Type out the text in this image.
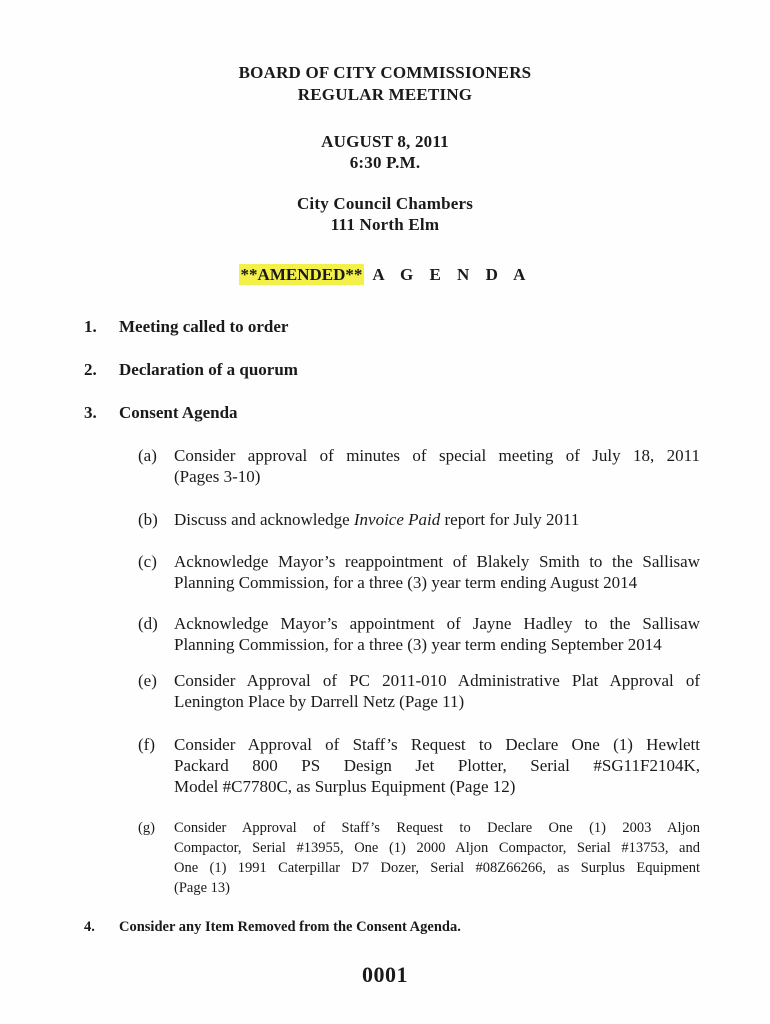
BOARD OF CITY COMMISSIONERS
REGULAR MEETING
AUGUST 8, 2011
6:30 P.M.
City Council Chambers
111 North Elm
**AMENDED** A G E N D A
1. Meeting called to order
2. Declaration of a quorum
3. Consent Agenda
(a) Consider approval of minutes of special meeting of July 18, 2011
(Pages 3-10)
(b) Discuss and acknowledge Invoice Paid report for July 2011
(c) Acknowledge Mayor’s reappointment of Blakely Smith to the Sallisaw
Planning Commission, for a three (3) year term ending August 2014
(d) Acknowledge Mayor’s appointment of Jayne Hadley to the Sallisaw
Planning Commission, for a three (3) year term ending September 2014
(e) Consider Approval of PC 2011-010 Administrative Plat Approval of
Lenington Place by Darrell Netz (Page 11)
(f) Consider Approval of Staff’s Request to Declare One (1) Hewlett
Packard 800 PS Design Jet Plotter, Serial #SG11F2104K,
Model #C7780C, as Surplus Equipment (Page 12)
(g) Consider Approval of Staff’s Request to Declare One (1) 2003 Aljon
Compactor, Serial #13955, One (1) 2000 Aljon Compactor, Serial #13753, and
One (1) 1991 Caterpillar D7 Dozer, Serial #08Z66266, as Surplus Equipment
(Page 13)
4. Consider any Item Removed from the Consent Agenda.
0001
